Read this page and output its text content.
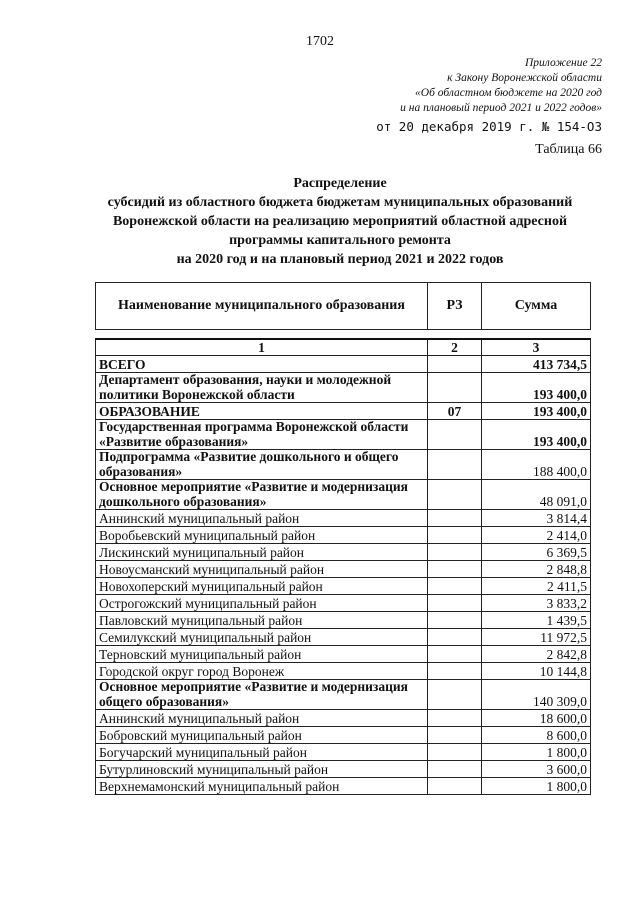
1702
Приложение 22
к Закону Воронежской области
«Об областном бюджете на 2020 год
и на плановый период 2021 и 2022 годов»
от 20 декабря 2019 г. № 154-ОЗ
Таблица 66
Распределение
субсидий из областного бюджета бюджетам муниципальных образований
Воронежской области на реализацию мероприятий областной адресной
программы капитального ремонта
на 2020 год и на плановый период 2021 и 2022 годов
Наименование муниципального образования	РЗ	Сумма

1	2	3
ВСЕГО		413 734,5
Департамент образования, науки и молодежной политики Воронежской области		193 400,0
ОБРАЗОВАНИЕ	07	193 400,0
Государственная программа Воронежской области «Развитие образования»		193 400,0
Подпрограмма «Развитие дошкольного и общего образования»		188 400,0
Основное мероприятие «Развитие и модернизация дошкольного образования»		48 091,0
Аннинский муниципальный район		3 814,4
Воробьевский муниципальный район		2 414,0
Лискинский муниципальный район		6 369,5
Новоусманский муниципальный район		2 848,8
Новохоперский муниципальный район		2 411,5
Острогожский муниципальный район		3 833,2
Павловский муниципальный район		1 439,5
Семилукский муниципальный район		11 972,5
Терновский муниципальный район		2 842,8
Городской округ город Воронеж		10 144,8
Основное мероприятие «Развитие и модернизация общего образования»		140 309,0
Аннинский муниципальный район		18 600,0
Бобровский муниципальный район		8 600,0
Богучарский муниципальный район		1 800,0
Бутурлиновский муниципальный район		3 600,0
Верхнемамонский муниципальный район		1 800,0
